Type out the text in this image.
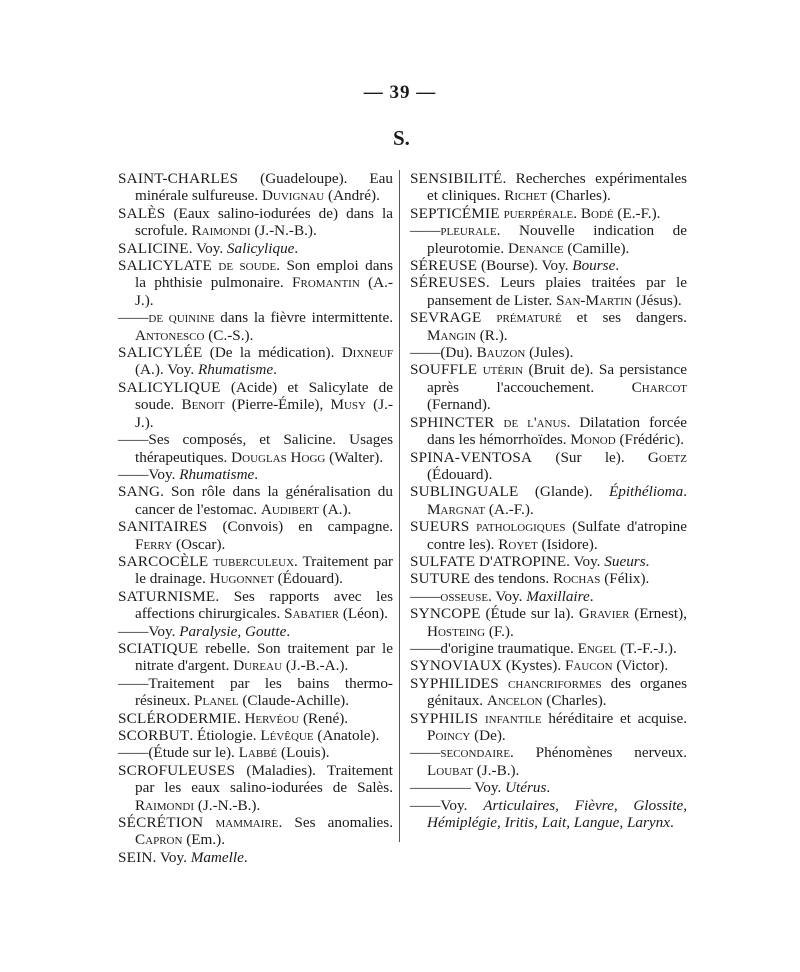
— 39 —
S.
SAINT-CHARLES (Guadeloupe). Eau minérale sulfureuse. Duvignau (André).
SALÈS (Eaux salino-iodurées de) dans la scrofule. Raimondi (J.-N.-B.).
SALICINE. Voy. Salicylique.
SALICYLATE de soude. Son emploi dans la phthisie pulmonaire. Fromantin (A.-J.).
—— de quinine dans la fièvre intermittente. Antonesco (C.-S.).
SALICYLÉE (De la médication). Dixneuf (A.). Voy. Rhumatisme.
SALICYLIQUE (Acide) et Salicylate de soude. Benoit (Pierre-Émile), Musy (J.-J.).
—— Ses composés, et Salicine. Usages thérapeutiques. Douglas Hogg (Walter).
—— Voy. Rhumatisme.
SANG. Son rôle dans la généralisation du cancer de l'estomac. Audibert (A.).
SANITAIRES (Convois) en campagne. Ferry (Oscar).
SARCOCÈLE tuberculeux. Traitement par le drainage. Hugonnet (Édouard).
SATURNISME. Ses rapports avec les affections chirurgicales. Sabatier (Léon).
—— Voy. Paralysie, Goutte.
SCIATIQUE rebelle. Son traitement par le nitrate d'argent. Dureau (J.-B.-A.).
—— Traitement par les bains thermo-résineux. Planel (Claude-Achille).
SCLÉRODERMIE. Hervéou (René).
SCORBUT. Étiologie. Lévêque (Anatole).
—— (Étude sur le). Labbé (Louis).
SCROFULEUSES (Maladies). Traitement par les eaux salino-iodurées de Salès. Raimondi (J.-N.-B.).
SÉCRÉTION mammaire. Ses anomalies. Capron (Em.).
SEIN. Voy. Mamelle.
SENSIBILITÉ. Recherches expérimentales et cliniques. Richet (Charles).
SEPTICÉMIE puerpérale. Bodé (E.-F.).
—— pleurale. Nouvelle indication de pleurotomie. Denance (Camille).
SÉREUSE (Bourse). Voy. Bourse.
SÉREUSES. Leurs plaies traitées par le pansement de Lister. San-Martin (Jésus).
SEVRAGE prématuré et ses dangers. Mangin (R.).
—— (Du). Bauzon (Jules).
SOUFFLE utérin (Bruit de). Sa persistance après l'accouchement. Charcot (Fernand).
SPHINCTER de l'anus. Dilatation forcée dans les hémorrhoïdes. Monod (Frédéric).
SPINA-VENTOSA (Sur le). Goetz (Édouard).
SUBLINGUALE (Glande). Épithélioma. Margnat (A.-F.).
SUEURS pathologiques (Sulfate d'atropine contre les). Royet (Isidore).
SULFATE D'ATROPINE. Voy. Sueurs.
SUTURE des tendons. Rochas (Félix).
—— osseuse. Voy. Maxillaire.
SYNCOPE (Étude sur la). Gravier (Ernest), Hosteing (F.).
—— d'origine traumatique. Engel (T.-F.-J.).
SYNOVIAUX (Kystes). Faucon (Victor).
SYPHILIDES chancriformes des organes génitaux. Ancelon (Charles).
SYPHILIS infantile héréditaire et acquise. Poincy (De).
—— secondaire. Phénomènes nerveux. Loubat (J.-B.).
—— —— Voy. Utérus.
—— Voy. Articulaires, Fièvre, Glossite, Hémiplégie, Iritis, Lait, Langue, Larynx.
